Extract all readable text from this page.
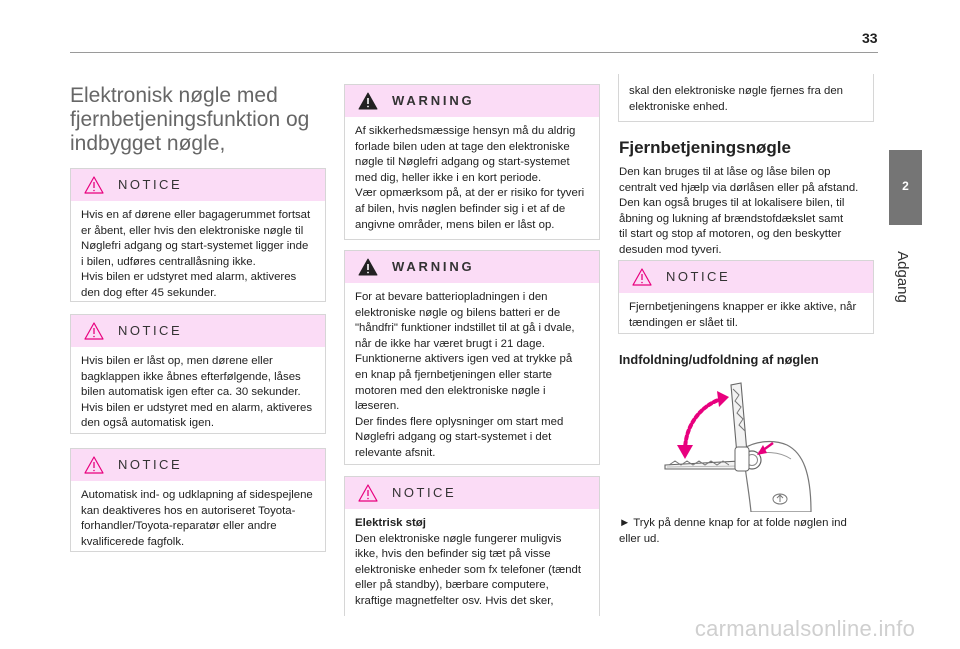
33
2
Adgang
Elektronisk nøgle med fjernbetjeningsfunktion og indbygget nøgle,
NOTICE

Hvis en af dørene eller bagagerummet fortsat

er åbent, eller hvis den elektroniske nøgle til

Nøglefri adgang og start-systemet ligger inde

i bilen, udføres centrallåsning ikke.

Hvis bilen er udstyret med alarm, aktiveres

den dog efter 45 sekunder.

NOTICE

Hvis bilen er låst op, men dørene eller

bagklappen ikke åbnes efterfølgende, låses

bilen automatisk igen efter ca. 30 sekunder.

Hvis bilen er udstyret med en alarm, aktiveres

den også automatisk igen.

NOTICE

Automatisk ind- og udklapning af sidespejlene

kan deaktiveres hos en autoriseret Toyota-

forhandler/Toyota-reparatør eller andre

kvalificerede fagfolk.

WARNING

Af sikkerhedsmæssige hensyn må du aldrig

forlade bilen uden at tage den elektroniske

nøgle til Nøglefri adgang og start-systemet

med dig, heller ikke i en kort periode.

Vær opmærksom på, at der er risiko for tyveri

af bilen, hvis nøglen befinder sig i et af de

angivne områder, mens bilen er låst op.

WARNING

For at bevare batteriopladningen i den

elektroniske nøgle og bilens batteri er de

"håndfri" funktioner indstillet til at gå i dvale,

når de ikke har været brugt i 21 dage.

Funktionerne aktivers igen ved at trykke på

en knap på fjernbetjeningen eller starte

motoren med den elektroniske nøgle i

læseren.

Der findes flere oplysninger om start med

Nøglefri adgang og start-systemet i det

relevante afsnit.

NOTICE

Elektrisk støj

Den elektroniske nøgle fungerer muligvis

ikke, hvis den befinder sig tæt på visse

elektroniske enheder som fx telefoner (tændt

eller på standby), bærbare computere,

kraftige magnetfelter osv. Hvis det sker,

skal den elektroniske nøgle fjernes fra den

elektroniske enhed.

Fjernbetjeningsnøgle

Den kan bruges til at låse og låse bilen op

centralt ved hjælp via dørlåsen eller på afstand.

Den kan også bruges til at lokalisere bilen, til

åbning og lukning af brændstofdækslet samt

til start og stop af motoren, og den beskytter

desuden mod tyveri.

NOTICE

Fjernbetjeningens knapper er ikke aktive, når

tændingen er slået til.

Indfoldning/udfoldning af nøglen

► Tryk på denne knap for at folde nøglen ind

eller ud.

carmanualsonline.info
